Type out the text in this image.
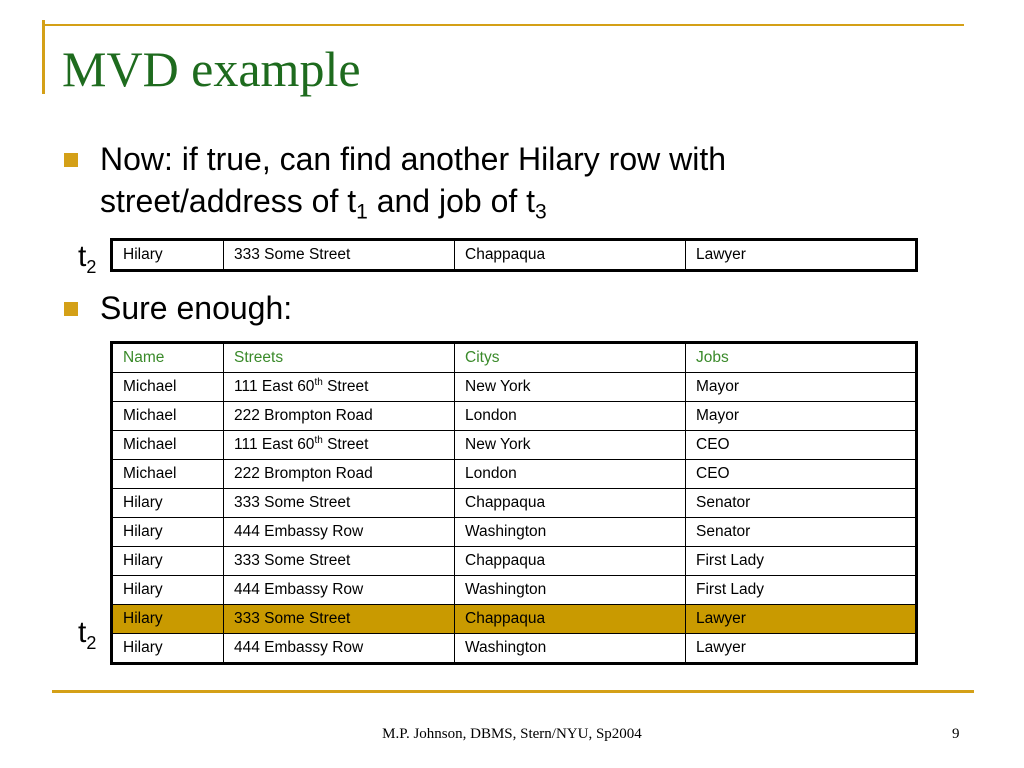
MVD example

Now: if true, can find another Hilary row with
street/address of $t_1$ and job of $t_3$

$t_2$
Hilary	333 Some Street	Chappaqua	Lawyer

Sure enough:

$t_2$
Name	Streets	Citys	Jobs
Michael	111 East 60th Street	New York	Mayor
Michael	222 Brompton Road	London	Mayor
Michael	111 East 60th Street	New York	CEO
Michael	222 Brompton Road	London	CEO
Hilary	333 Some Street	Chappaqua	Senator
Hilary	444 Embassy Row	Washington	Senator
Hilary	333 Some Street	Chappaqua	First Lady
Hilary	444 Embassy Row	Washington	First Lady
Hilary	333 Some Street	Chappaqua	Lawyer
Hilary	444 Embassy Row	Washington	Lawyer
M.P. Johnson, DBMS, Stern/NYU, Sp2004	9
